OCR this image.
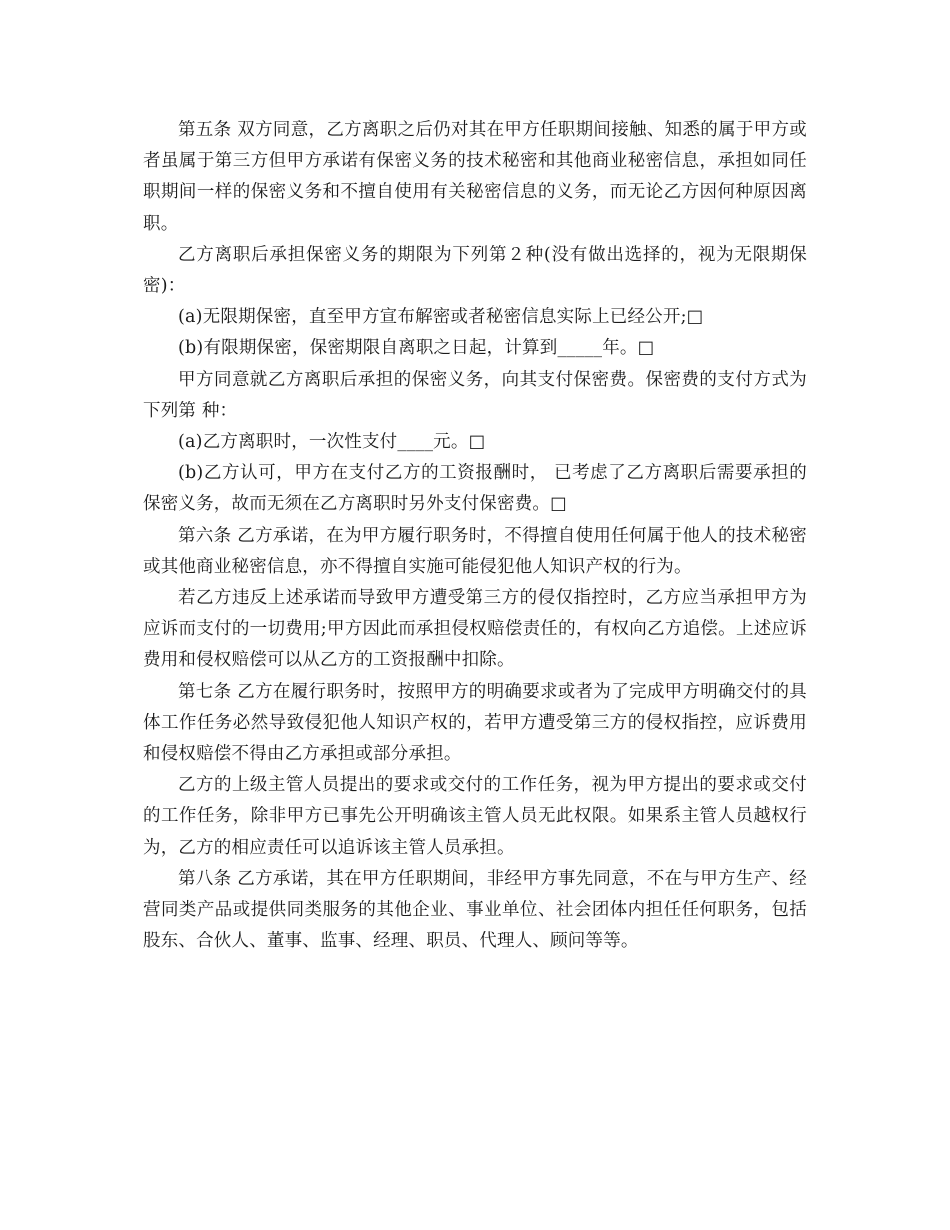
第五条 双方同意，乙方离职之后仍对其在甲方任职期间接触、知悉的属于甲方或者虽属于第三方但甲方承诺有保密义务的技术秘密和其他商业秘密信息，承担如同任职期间一样的保密义务和不擅自使用有关秘密信息的义务，而无论乙方因何种原因离职。

乙方离职后承担保密义务的期限为下列第２种(没有做出选择的，视为无限期保密)：

(a)无限期保密，直至甲方宣布解密或者秘密信息实际上已经公开;□

(b)有限期保密，保密期限自离职之日起，计算到_____年。□

甲方同意就乙方离职后承担的保密义务，向其支付保密费。保密费的支付方式为下列第 种：

(a)乙方离职时，一次性支付____元。□

(b)乙方认可，甲方在支付乙方的工资报酬时， 已考虑了乙方离职后需要承担的保密义务，故而无须在乙方离职时另外支付保密费。□

第六条 乙方承诺，在为甲方履行职务时，不得擅自使用任何属于他人的技术秘密或其他商业秘密信息，亦不得擅自实施可能侵犯他人知识产权的行为。

若乙方违反上述承诺而导致甲方遭受第三方的侵仅指控时，乙方应当承担甲方为应诉而支付的一切费用;甲方因此而承担侵权赔偿责任的，有权向乙方追偿。上述应诉费用和侵权赔偿可以从乙方的工资报酬中扣除。

第七条 乙方在履行职务时，按照甲方的明确要求或者为了完成甲方明确交付的具体工作任务必然导致侵犯他人知识产权的，若甲方遭受第三方的侵权指控，应诉费用和侵权赔偿不得由乙方承担或部分承担。

乙方的上级主管人员提出的要求或交付的工作任务，视为甲方提出的要求或交付的工作任务，除非甲方已事先公开明确该主管人员无此权限。如果系主管人员越权行为，乙方的相应责任可以追诉该主管人员承担。

第八条 乙方承诺，其在甲方任职期间，非经甲方事先同意，不在与甲方生产、经营同类产品或提供同类服务的其他企业、事业单位、社会团体内担任任何职务，包括股东、合伙人、董事、监事、经理、职员、代理人、顾问等等。
